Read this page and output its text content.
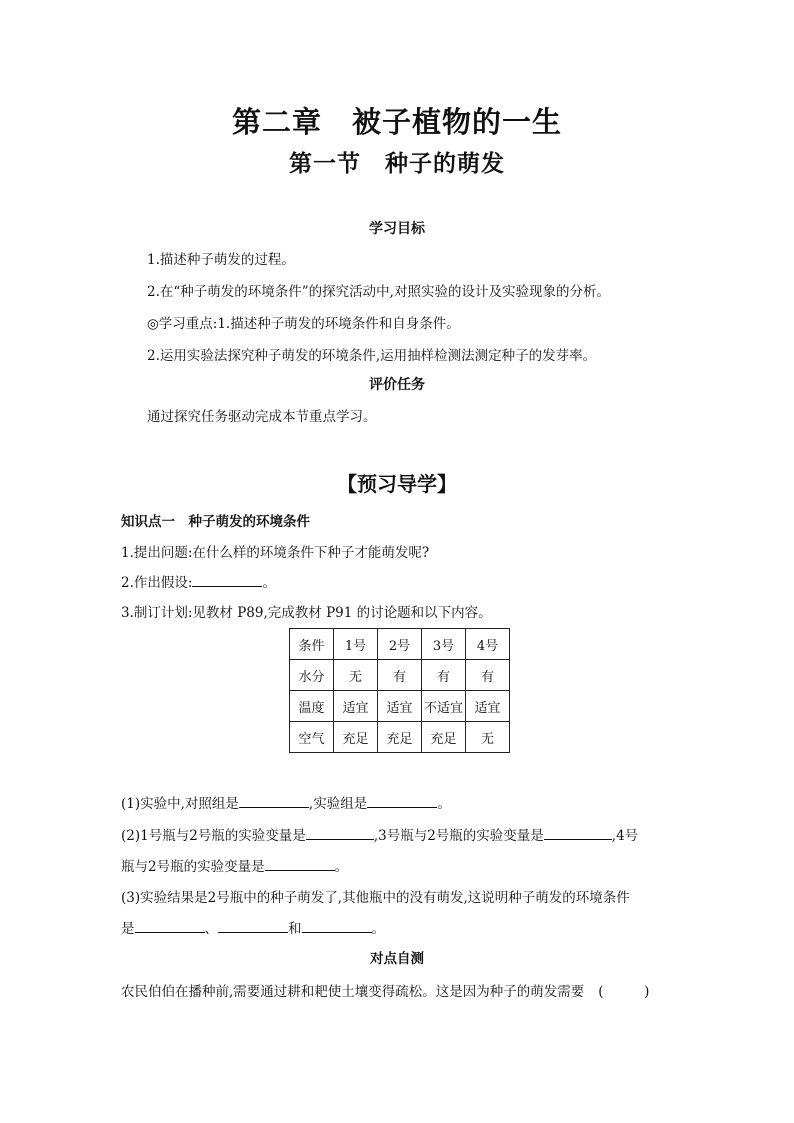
第二章　被子植物的一生
第一节　种子的萌发
学习目标
1.描述种子萌发的过程。
2.在“种子萌发的环境条件”的探究活动中,对照实验的设计及实验现象的分析。
◎学习重点:1.描述种子萌发的环境条件和自身条件。
2.运用实验法探究种子萌发的环境条件,运用抽样检测法测定种子的发芽率。
评价任务
通过探究任务驱动完成本节重点学习。
【预习导学】
知识点一　种子萌发的环境条件
1.提出问题:在什么样的环境条件下种子才能萌发呢?
2.作出假设:	。
3.制订计划:见教材 P89,完成教材 P91 的讨论题和以下内容。
条件	1号	2号	3号	4号
水分	无	有	有	有
温度	适宜	适宜	不适宜	适宜
空气	充足	充足	充足	无
(1)实验中,对照组是	,实验组是	。
(2)1号瓶与2号瓶的实验变量是	,3号瓶与2号瓶的实验变量是	,4号
瓶与2号瓶的实验变量是	。
(3)实验结果是2号瓶中的种子萌发了,其他瓶中的没有萌发,这说明种子萌发的环境条件
是	、	和	。
对点自测
农民伯伯在播种前,需要通过耕和耙使土壤变得疏松。这是因为种子的萌发需要 (　　　)
